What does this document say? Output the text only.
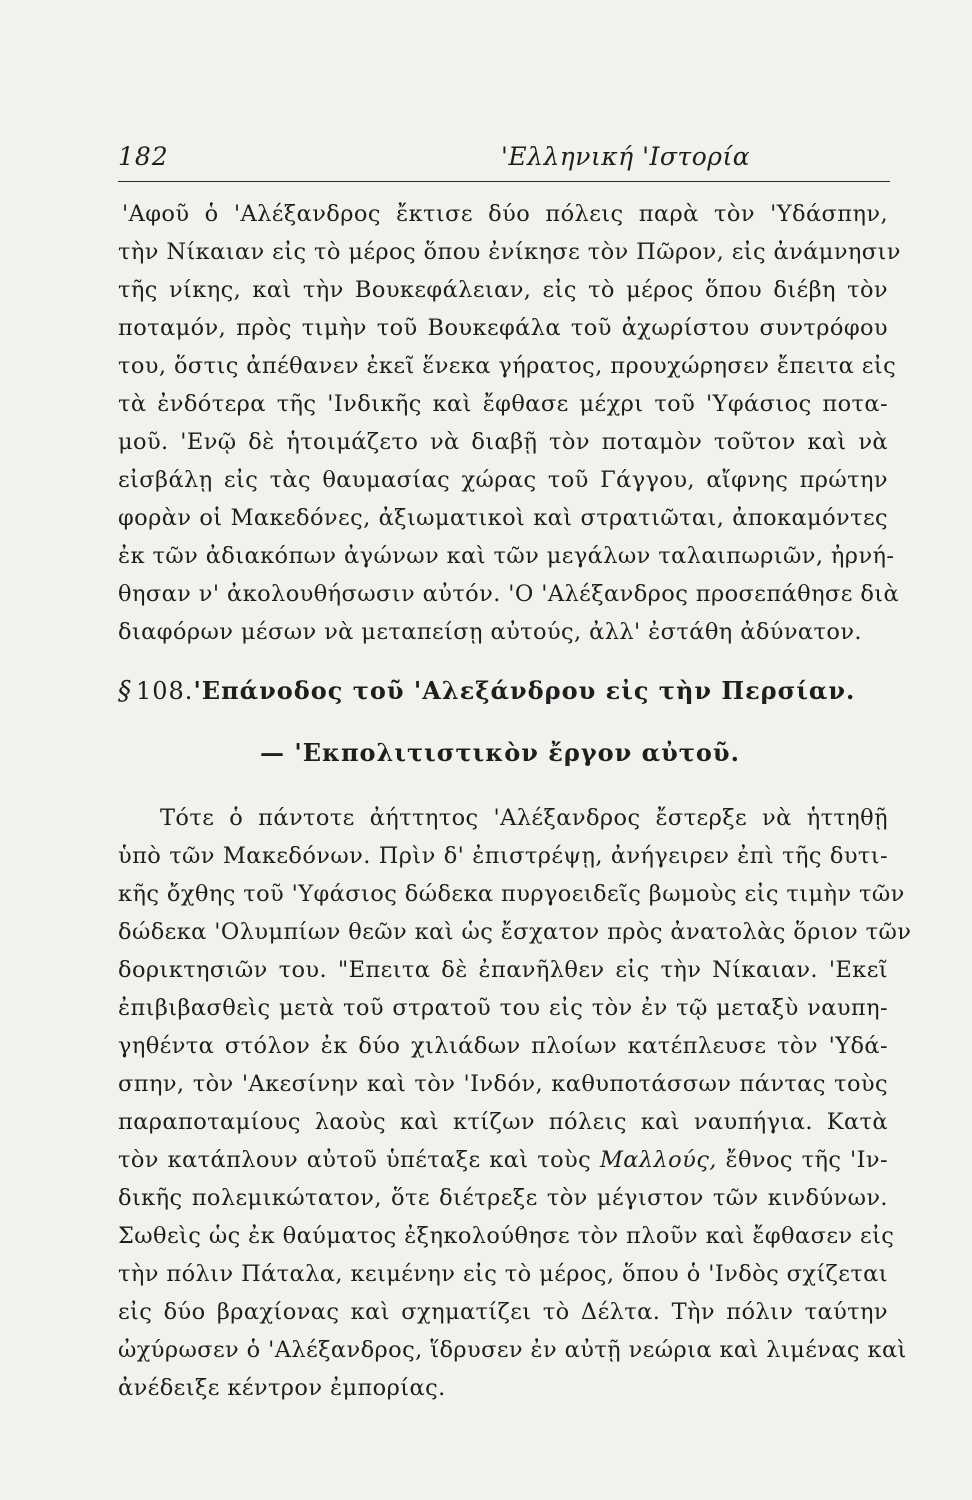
182	'Ελληνική 'Ιστορία
'Αφοῦ ὁ 'Αλέξανδρος ἔκτισε δύο πόλεις παρὰ τὸν 'Υδάσπην,
τὴν Νίκαιαν εἰς τὸ μέρος ὅπου ἐνίκησε τὸν Πῶρον, εἰς ἀνάμνησιν
τῆς νίκης, καὶ τὴν Βουκεφάλειαν, εἰς τὸ μέρος ὅπου διέβη τὸν
ποταμόν, πρὸς τιμὴν τοῦ Βουκεφάλα τοῦ ἀχωρίστου συντρόφου
του, ὅστις ἀπέθανεν ἐκεῖ ἕνεκα γήρατος, προυχώρησεν ἔπειτα εἰς
τὰ ἐνδότερα τῆς 'Ινδικῆς καὶ ἔφθασε μέχρι τοῦ 'Υφάσιος ποτα-
μοῦ. 'Ενῷ δὲ ἡτοιμάζετο νὰ διαβῇ τὸν ποταμὸν τοῦτον καὶ νὰ
εἰσβάλῃ εἰς τὰς θαυμασίας χώρας τοῦ Γάγγου, αἴφνης πρώτην
φορὰν οἱ Μακεδόνες, ἀξιωματικοὶ καὶ στρατιῶται, ἀποκαμόντες
ἐκ τῶν ἀδιακόπων ἀγώνων καὶ τῶν μεγάλων ταλαιπωριῶν, ἠρνή-
θησαν ν' ἀκολουθήσωσιν αὐτόν. 'Ο 'Αλέξανδρος προσεπάθησε διὰ
διαφόρων μέσων νὰ μεταπείσῃ αὐτούς, ἀλλ' ἐστάθη ἀδύνατον.
§ 108.'Επάνοδος τοῦ 'Αλεξάνδρου εἰς τὴν Περσίαν.
— 'Εκπολιτιστικὸν ἔργον αὐτοῦ.
Τότε ὁ πάντοτε ἀήττητος 'Αλέξανδρος ἔστερξε νὰ ἡττηθῇ
ὑπὸ τῶν Μακεδόνων. Πρὶν δ' ἐπιστρέψῃ, ἀνήγειρεν ἐπὶ τῆς δυτι-
κῆς ὄχθης τοῦ 'Υφάσιος δώδεκα πυργοειδεῖς βωμοὺς εἰς τιμὴν τῶν
δώδεκα 'Ολυμπίων θεῶν καὶ ὡς ἔσχατον πρὸς ἀνατολὰς ὅριον τῶν
δορικτησιῶν του. "Επειτα δὲ ἐπανῆλθεν εἰς τὴν Νίκαιαν. 'Εκεῖ
ἐπιβιβασθεὶς μετὰ τοῦ στρατοῦ του εἰς τὸν ἐν τῷ μεταξὺ ναυπη-
γηθέντα στόλον ἐκ δύο χιλιάδων πλοίων κατέπλευσε τὸν 'Υδά-
σπην, τὸν 'Ακεσίνην καὶ τὸν 'Ινδόν, καθυποτάσσων πάντας τοὺς
παραποταμίους λαοὺς καὶ κτίζων πόλεις καὶ ναυπήγια. Κατὰ
τὸν κατάπλουν αὐτοῦ ὑπέταξε καὶ τοὺς Μαλλούς, ἔθνος τῆς 'Ιν-
δικῆς πολεμικώτατον, ὅτε διέτρεξε τὸν μέγιστον τῶν κινδύνων.
Σωθεὶς ὡς ἐκ θαύματος ἐξηκολούθησε τὸν πλοῦν καὶ ἔφθασεν εἰς
τὴν πόλιν Πάταλα, κειμένην εἰς τὸ μέρος, ὅπου ὁ 'Ινδὸς σχίζεται
εἰς δύο βραχίονας καὶ σχηματίζει τὸ Δέλτα. Τὴν πόλιν ταύτην
ὠχύρωσεν ὁ 'Αλέξανδρος, ἵδρυσεν ἐν αὐτῇ νεώρια καὶ λιμένας καὶ
ἀνέδειξε κέντρον ἐμπορίας.
